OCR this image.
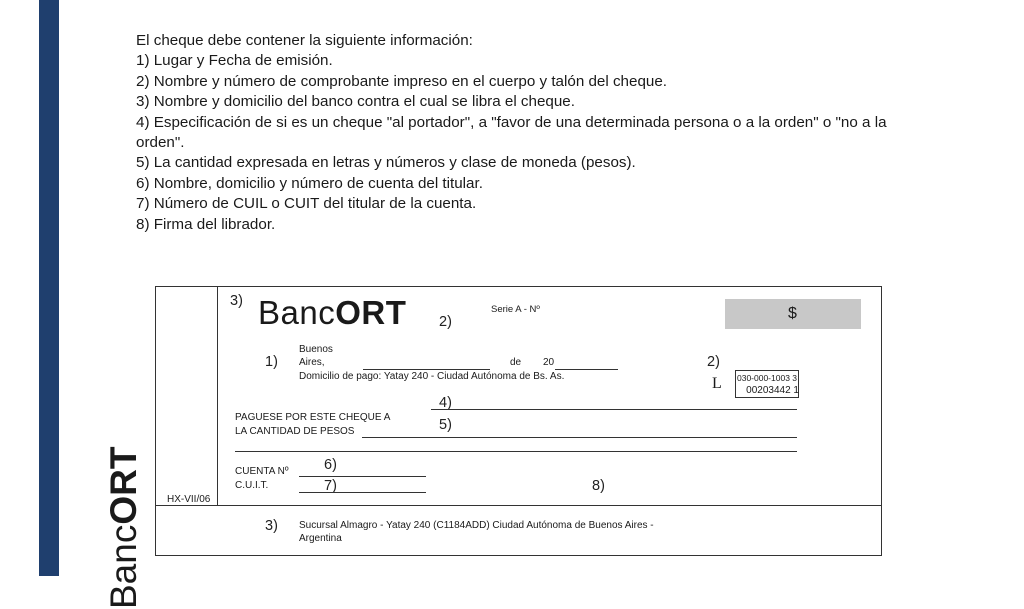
El cheque debe contener la siguiente información:
1) Lugar y Fecha de emisión.
2) Nombre y número de comprobante impreso en el cuerpo y talón del cheque.
3) Nombre y domicilio del banco contra el cual se libra el cheque.
4) Especificación de si es un cheque "al portador", a "favor de una determinada persona o a la orden" o "no a la
orden".
5) La cantidad expresada en letras y números y clase de moneda (pesos).
6) Nombre, domicilio y número de cuenta del titular.
7) Número de CUIL o CUIT del titular de la cuenta.
8) Firma del librador.
BancORT HX-VII/06
3) BancORT 2)
Serie A - Nº	$
1)
Buenos
Aires,	de 20
Domicilio de pago: Yatay 240 - Ciudad Autónoma de Bs. As.
2)
L 030-000-1003 3
00203442 1
4)
PAGUESE POR ESTE CHEQUE A	5)
LA CANTIDAD DE PESOS
6)
CUENTA Nº
7)
C.U.I.T.	8)
3) Sucursal Almagro - Yatay 240 (C1184ADD) Ciudad Autónoma de Buenos Aires -
Argentina
